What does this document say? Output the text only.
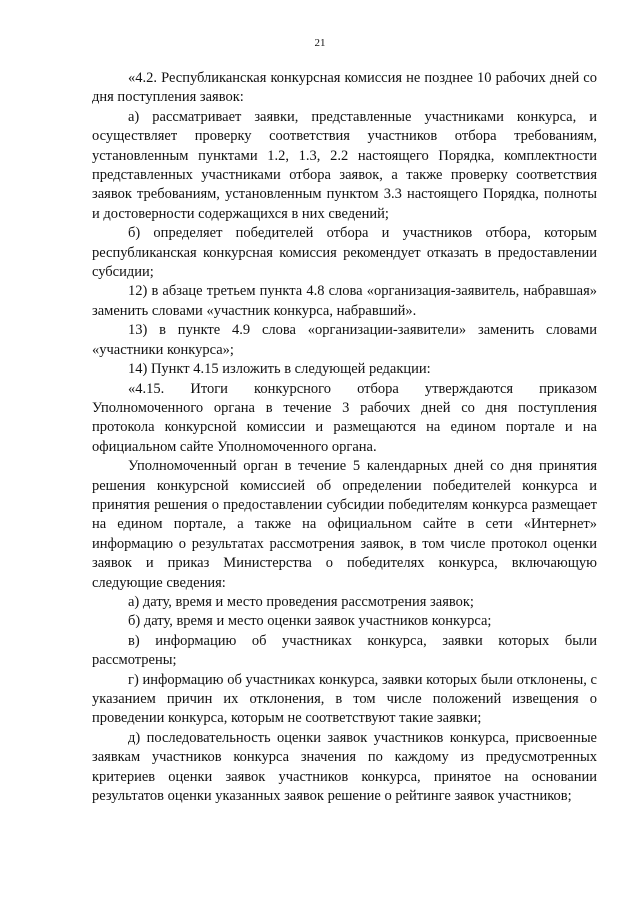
21

«4.2. Республиканская конкурсная комиссия не позднее 10 рабочих дней со дня поступления заявок:

а) рассматривает заявки, представленные участниками конкурса, и осуществляет проверку соответствия участников отбора требованиям, установленным пунктами 1.2, 1.3, 2.2 настоящего Порядка, комплектности представленных участниками отбора заявок, а также проверку соответствия заявок требованиям, установленным пунктом 3.3 настоящего Порядка, полноты и достоверности содержащихся в них сведений;

б) определяет победителей отбора и участников отбора, которым республиканская конкурсная комиссия рекомендует отказать в предоставлении субсидии;

12) в абзаце третьем пункта 4.8 слова «организация-заявитель, набравшая» заменить словами «участник конкурса, набравший».

13) в пункте 4.9 слова «организации-заявители» заменить словами «участники конкурса»;

14) Пункт 4.15 изложить в следующей редакции:

«4.15. Итоги конкурсного отбора утверждаются приказом Уполномоченного органа в течение 3 рабочих дней со дня поступления протокола конкурсной комиссии и размещаются на едином портале и на официальном сайте Уполномоченного органа.

Уполномоченный орган в течение 5 календарных дней со дня принятия решения конкурсной комиссией об определении победителей конкурса и принятия решения о предоставлении субсидии победителям конкурса размещает на едином портале, а также на официальном сайте в сети «Интернет» информацию о результатах рассмотрения заявок, в том числе протокол оценки заявок и приказ Министерства о победителях конкурса, включающую следующие сведения:

а) дату, время и место проведения рассмотрения заявок;

б) дату, время и место оценки заявок участников конкурса;

в) информацию об участниках конкурса, заявки которых были рассмотрены;

г) информацию об участниках конкурса, заявки которых были отклонены, с указанием причин их отклонения, в том числе положений извещения о проведении конкурса, которым не соответствуют такие заявки;

д) последовательность оценки заявок участников конкурса, присвоенные заявкам участников конкурса значения по каждому из предусмотренных критериев оценки заявок участников конкурса, принятое на основании результатов оценки указанных заявок решение о рейтинге заявок участников;
